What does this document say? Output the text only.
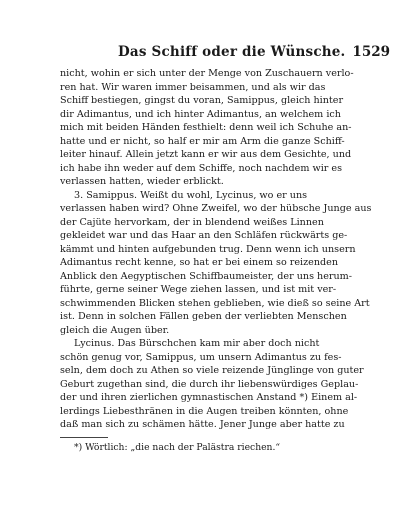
Das Schiff oder die Wünsche. 1529
nicht, wohin er sich unter der Menge von Zuschauern verlo-
ren hat. Wir waren immer beisammen, und als wir das
Schiff bestiegen, gingst du voran, Samippus, gleich hinter
dir Adimantus, und ich hinter Adimantus, an welchem ich
mich mit beiden Händen festhielt: denn weil ich Schuhe an-
hatte und er nicht, so half er mir am Arm die ganze Schiff-
leiter hinauf. Allein jetzt kann er wir aus dem Gesichte, und
ich habe ihn weder auf dem Schiffe, noch nachdem wir es
verlassen hatten, wieder erblickt.
3. Samippus. Weißt du wohl, Lycinus, wo er uns
verlassen haben wird? Ohne Zweifel, wo der hübsche Junge aus
der Cajüte hervorkam, der in blendend weißes Linnen
gekleidet war und das Haar an den Schläfen rückwärts ge-
kämmt und hinten aufgebunden trug. Denn wenn ich unsern
Adimantus recht kenne, so hat er bei einem so reizenden
Anblick den Aegyptischen Schiffbaumeister, der uns herum-
führte, gerne seiner Wege ziehen lassen, und ist mit ver-
schwimmenden Blicken stehen geblieben, wie dieß so seine Art
ist. Denn in solchen Fällen geben der verliebten Menschen
gleich die Augen über.
Lycinus. Das Bürschchen kam mir aber doch nicht
schön genug vor, Samippus, um unsern Adimantus zu fes-
seln, dem doch zu Athen so viele reizende Jünglinge von guter
Geburt zugethan sind, die durch ihr liebenswürdiges Geplau-
der und ihren zierlichen gymnastischen Anstand *) Einem al-
lerdings Liebesthränen in die Augen treiben könnten, ohne
daß man sich zu schämen hätte. Jener Junge aber hatte zu
*) Wörtlich: „die nach der Palästra riechen.“
